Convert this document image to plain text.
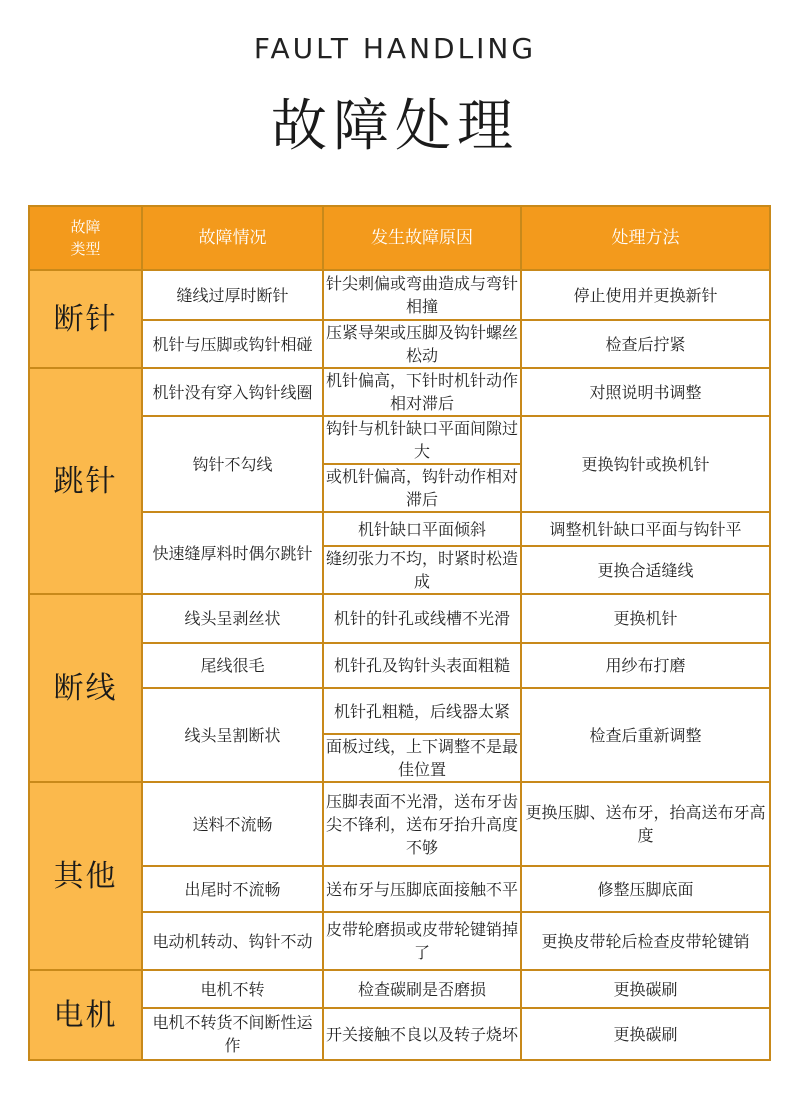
FAULT HANDLING
故障处理
故障
类型	故障情况	发生故障原因	处理方法
断针	缝线过厚时断针	针尖刺偏或弯曲造成与弯针相撞	停止使用并更换新针
	机针与压脚或钩针相碰	压紧导架或压脚及钩针螺丝松动	检查后拧紧
跳针	机针没有穿入钩针线圈	机针偏高，下针时机针动作相对滞后	对照说明书调整
	钩针不勾线	钩针与机针缺口平面间隙过大	更换钩针或换机针
		或机针偏高，钩针动作相对滞后	
	快速缝厚料时偶尔跳针	机针缺口平面倾斜	调整机针缺口平面与钩针平
		缝纫张力不均，时紧时松造成	更换合适缝线
断线	线头呈剥丝状	机针的针孔或线槽不光滑	更换机针
	尾线很毛	机针孔及钩针头表面粗糙	用纱布打磨
	线头呈割断状	机针孔粗糙，后线器太紧	检查后重新调整
		面板过线，上下调整不是最佳位置	
其他	送料不流畅	压脚表面不光滑，送布牙齿尖不锋利，送布牙抬升高度不够	更换压脚、送布牙，抬高送布牙高度
	出尾时不流畅	送布牙与压脚底面接触不平	修整压脚底面
	电动机转动、钩针不动	皮带轮磨损或皮带轮键销掉了	更换皮带轮后检查皮带轮键销
电机	电机不转	检查碳刷是否磨损	更换碳刷
	电机不转货不间断性运作	开关接触不良以及转子烧坏	更换碳刷
